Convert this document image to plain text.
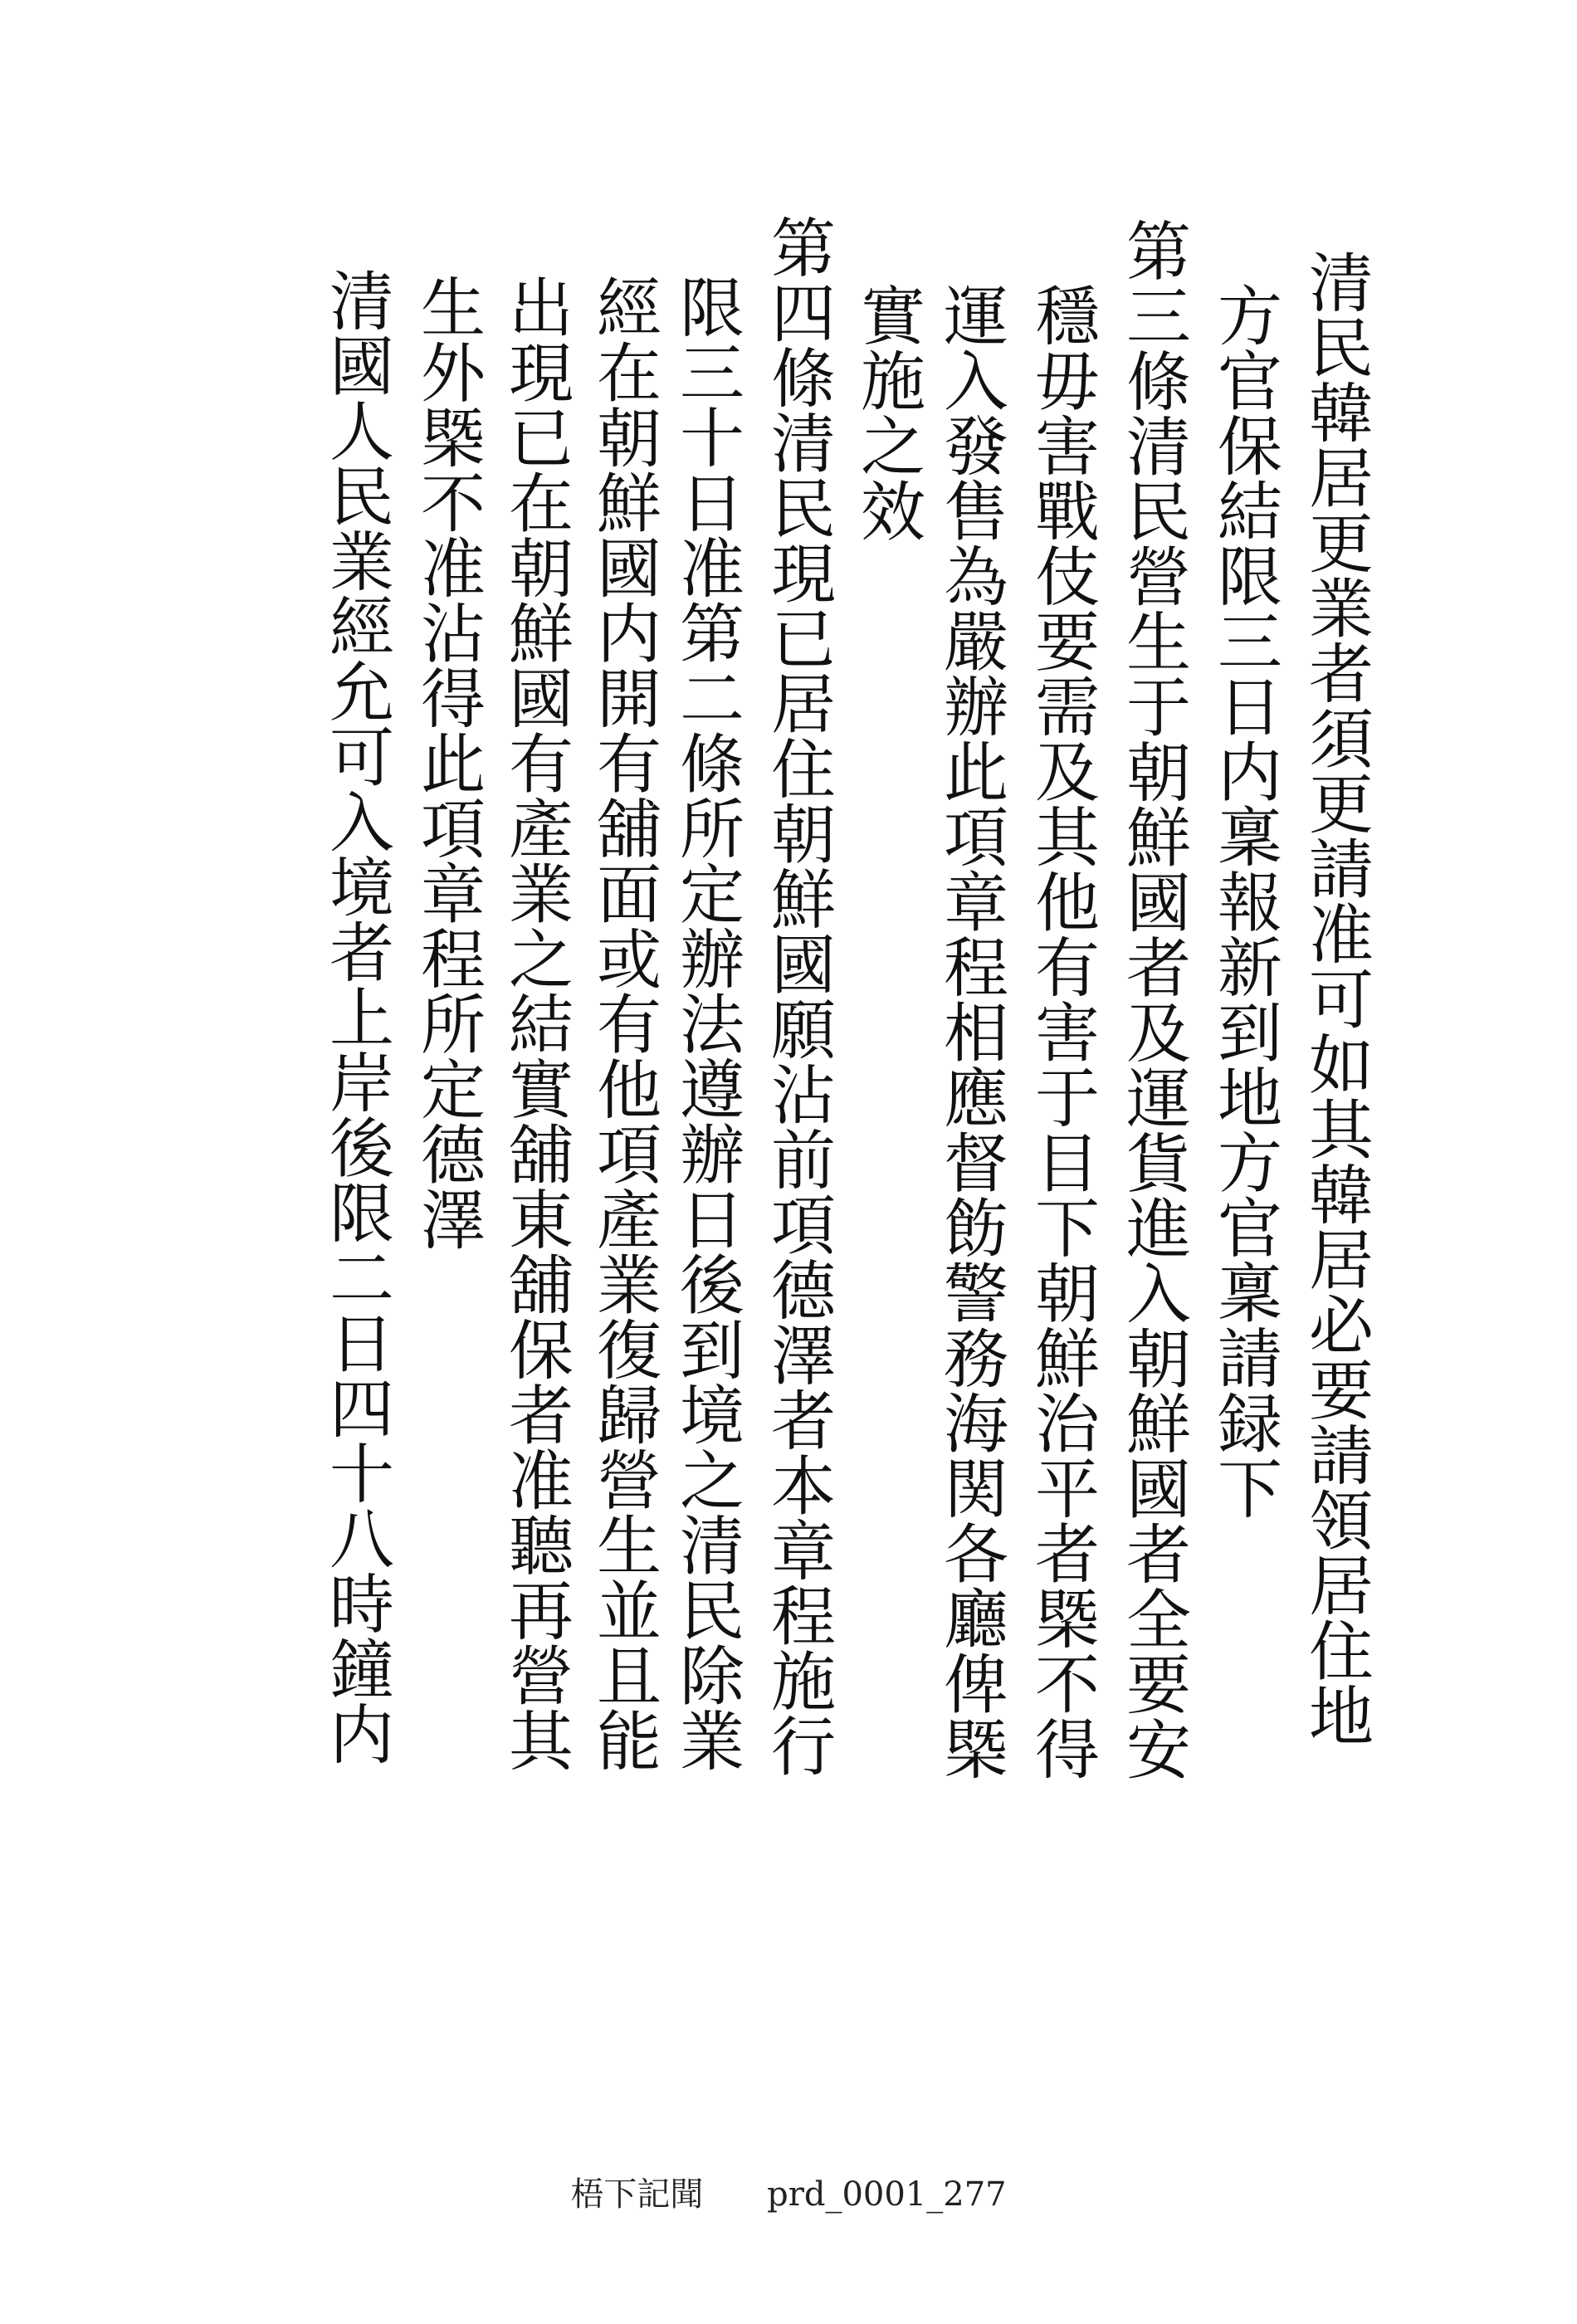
清民韓居更業者須更請准可如其韓居必要請領居住地
方官保結限三日内稟報新到地方官稟請録下
第三條清民營生于朝鮮國者及運貨進入朝鮮國者全要安
穩毋害戰伎要需及其他有害于目下朝鮮治平者槩不得
運入發售為嚴辦此項章程相應督飭警務海関各廳俾槩
實施之效
第四條清民現已居住朝鮮國願沾前項德澤者本章程施行
限三十日准第二條所定辦法遵辦日後到境之清民除業
經在朝鮮國内開有舖面或有他項產業復歸營生並且能
出現已在朝鮮國有產業之結實舖東舖保者准聽再營其
生外槩不准沾得此項章程所定德澤
清國人民業經允可入境者上岸後限二日四十八時鐘内
梧下記聞 prd_0001_277
